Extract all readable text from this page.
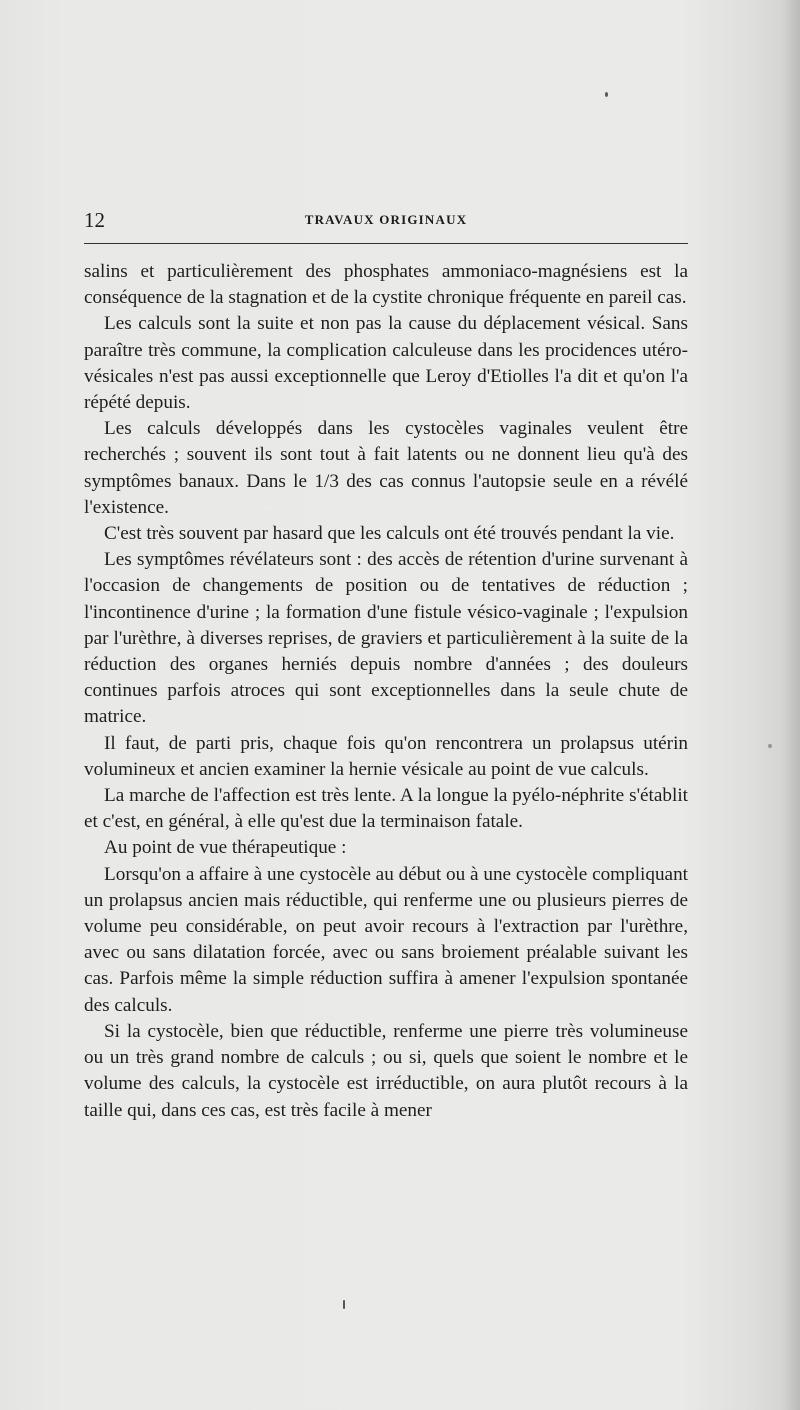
12	TRAVAUX ORIGINAUX

salins et particulièrement des phosphates ammoniaco-magnésiens est la conséquence de la stagnation et de la cystite chronique fréquente en pareil cas.

Les calculs sont la suite et non pas la cause du déplacement vésical. Sans paraître très commune, la complication calculeuse dans les procidences utéro-vésicales n'est pas aussi exceptionnelle que Leroy d'Etiolles l'a dit et qu'on l'a répété depuis.

Les calculs développés dans les cystocèles vaginales veulent être recherchés ; souvent ils sont tout à fait latents ou ne donnent lieu qu'à des symptômes banaux. Dans le 1/3 des cas connus l'autopsie seule en a révélé l'existence.

C'est très souvent par hasard que les calculs ont été trouvés pendant la vie.

Les symptômes révélateurs sont : des accès de rétention d'urine survenant à l'occasion de changements de position ou de tentatives de réduction ; l'incontinence d'urine ; la formation d'une fistule vésico-vaginale ; l'expulsion par l'urèthre, à diverses reprises, de graviers et particulièrement à la suite de la réduction des organes herniés depuis nombre d'années ; des douleurs continues parfois atroces qui sont exceptionnelles dans la seule chute de matrice.

Il faut, de parti pris, chaque fois qu'on rencontrera un prolapsus utérin volumineux et ancien examiner la hernie vésicale au point de vue calculs.

La marche de l'affection est très lente. A la longue la pyélo-néphrite s'établit et c'est, en général, à elle qu'est due la terminaison fatale.

Au point de vue thérapeutique :

Lorsqu'on a affaire à une cystocèle au début ou à une cystocèle compliquant un prolapsus ancien mais réductible, qui renferme une ou plusieurs pierres de volume peu considérable, on peut avoir recours à l'extraction par l'urèthre, avec ou sans dilatation forcée, avec ou sans broiement préalable suivant les cas. Parfois même la simple réduction suffira à amener l'expulsion spontanée des calculs.

Si la cystocèle, bien que réductible, renferme une pierre très volumineuse ou un très grand nombre de calculs ; ou si, quels que soient le nombre et le volume des calculs, la cystocèle est irréductible, on aura plutôt recours à la taille qui, dans ces cas, est très facile à mener
